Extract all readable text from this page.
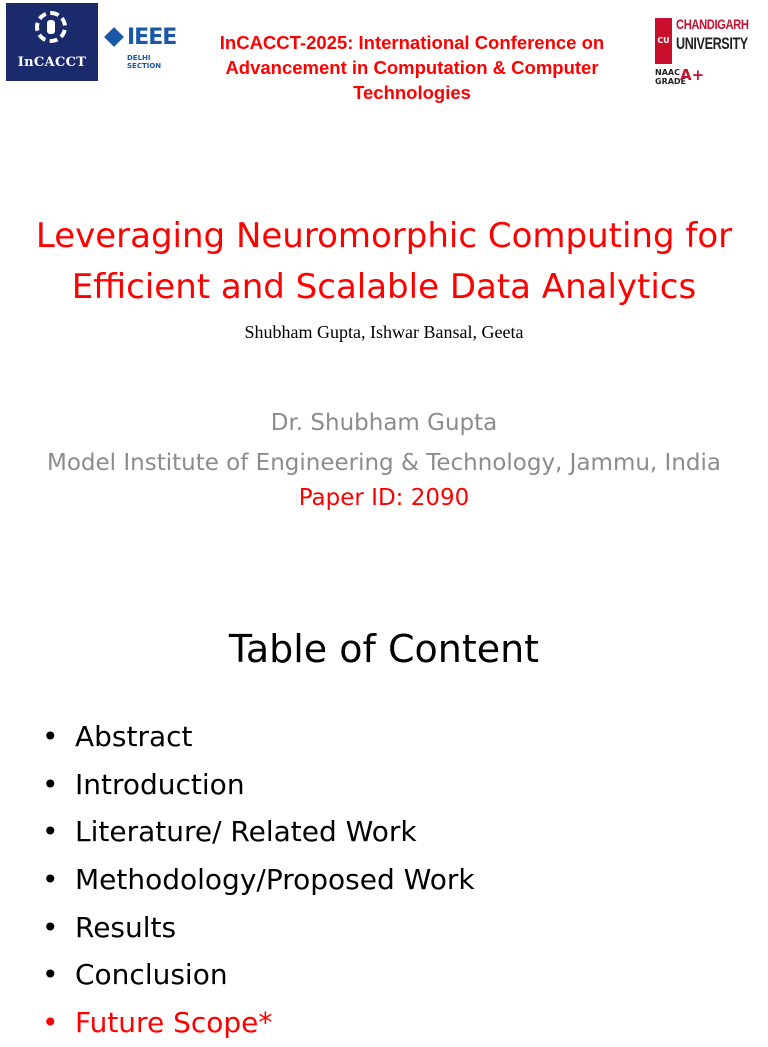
InCACCT
IEEE
DELHI SECTION
InCACCT-2025: International Conference on Advancement in Computation & Computer Technologies
CU
CHANDIGARH
UNIVERSITY
NAAC
GRADE
A+
Leveraging Neuromorphic Computing for Efficient and Scalable Data Analytics
Shubham Gupta, Ishwar Bansal, Geeta
Dr. Shubham Gupta
Model Institute of Engineering & Technology, Jammu, India
Paper ID: 2090
Table of Content
• Abstract
• Introduction
• Literature/ Related Work
• Methodology/Proposed Work
• Results
• Conclusion
• Future Scope*
